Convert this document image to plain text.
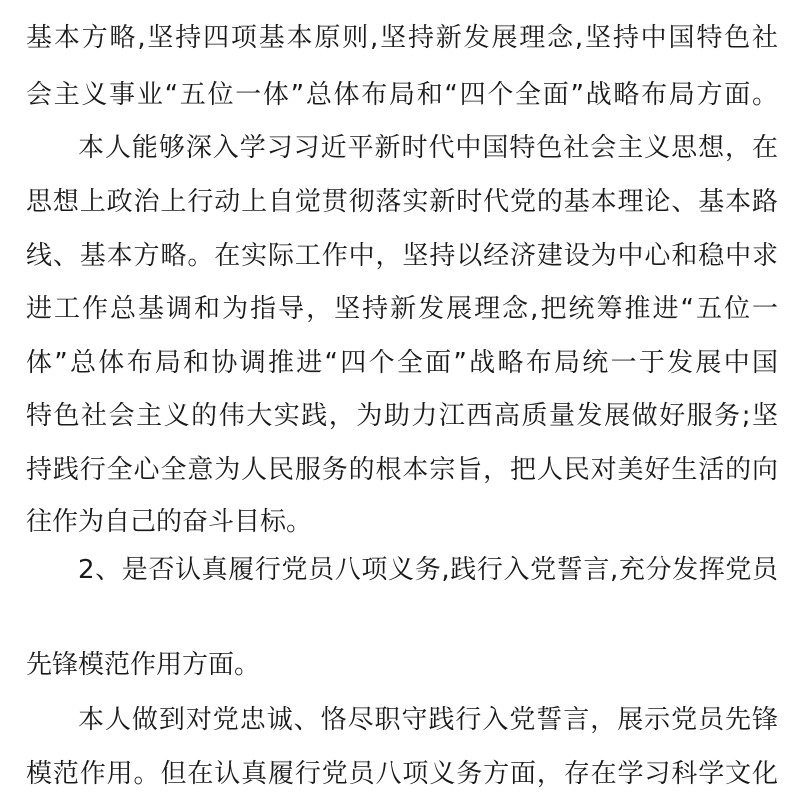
基本方略,坚持四项基本原则,坚持新发展理念,坚持中国特色社
会主义事业“五位一体”总体布局和“四个全面”战略布局方面。
本人能够深入学习习近平新时代中国特色社会主义思想，在
思想上政治上行动上自觉贯彻落实新时代党的基本理论、基本路
线、基本方略。在实际工作中，坚持以经济建设为中心和稳中求
进工作总基调和为指导，坚持新发展理念,把统筹推进“五位一
体”总体布局和协调推进“四个全面”战略布局统一于发展中国
特色社会主义的伟大实践，为助力江西高质量发展做好服务;坚
持践行全心全意为人民服务的根本宗旨，把人民对美好生活的向
往作为自己的奋斗目标。
2、是否认真履行党员八项义务,践行入党誓言,充分发挥党员
先锋模范作用方面。
本人做到对党忠诚、恪尽职守践行入党誓言，展示党员先锋
模范作用。但在认真履行党员八项义务方面，存在学习科学文化
